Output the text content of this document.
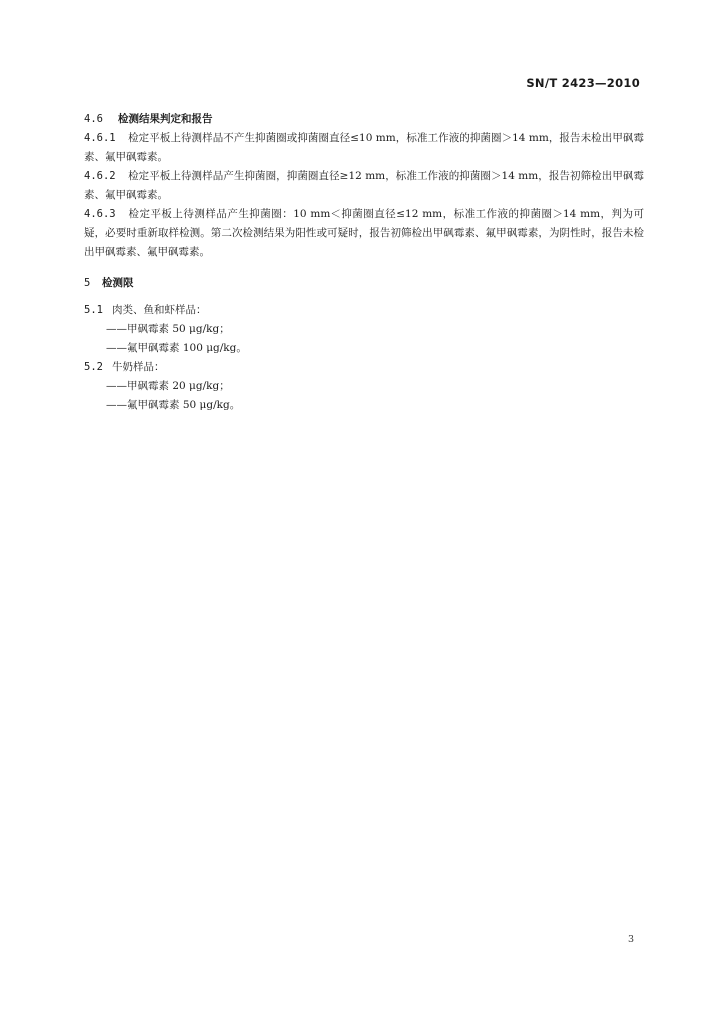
SN/T 2423—2010

4.6 检测结果判定和报告

4.6.1 检定平板上待测样品不产生抑菌圈或抑菌圈直径≤10 mm，标准工作液的抑菌圈＞14 mm，报告未检出甲砜霉素、氟甲砜霉素。

4.6.2 检定平板上待测样品产生抑菌圈，抑菌圈直径≥12 mm，标准工作液的抑菌圈＞14 mm，报告初筛检出甲砜霉素、氟甲砜霉素。

4.6.3 检定平板上待测样品产生抑菌圈：10 mm＜抑菌圈直径≤12 mm，标准工作液的抑菌圈＞14 mm，判为可疑，必要时重新取样检测。第二次检测结果为阳性或可疑时，报告初筛检出甲砜霉素、氟甲砜霉素，为阴性时，报告未检出甲砜霉素、氟甲砜霉素。

5 检测限

5.1 肉类、鱼和虾样品：

——甲砜霉素 50 μg/kg；

——氟甲砜霉素 100 μg/kg。

5.2 牛奶样品：

——甲砜霉素 20 μg/kg；

——氟甲砜霉素 50 μg/kg。

3
